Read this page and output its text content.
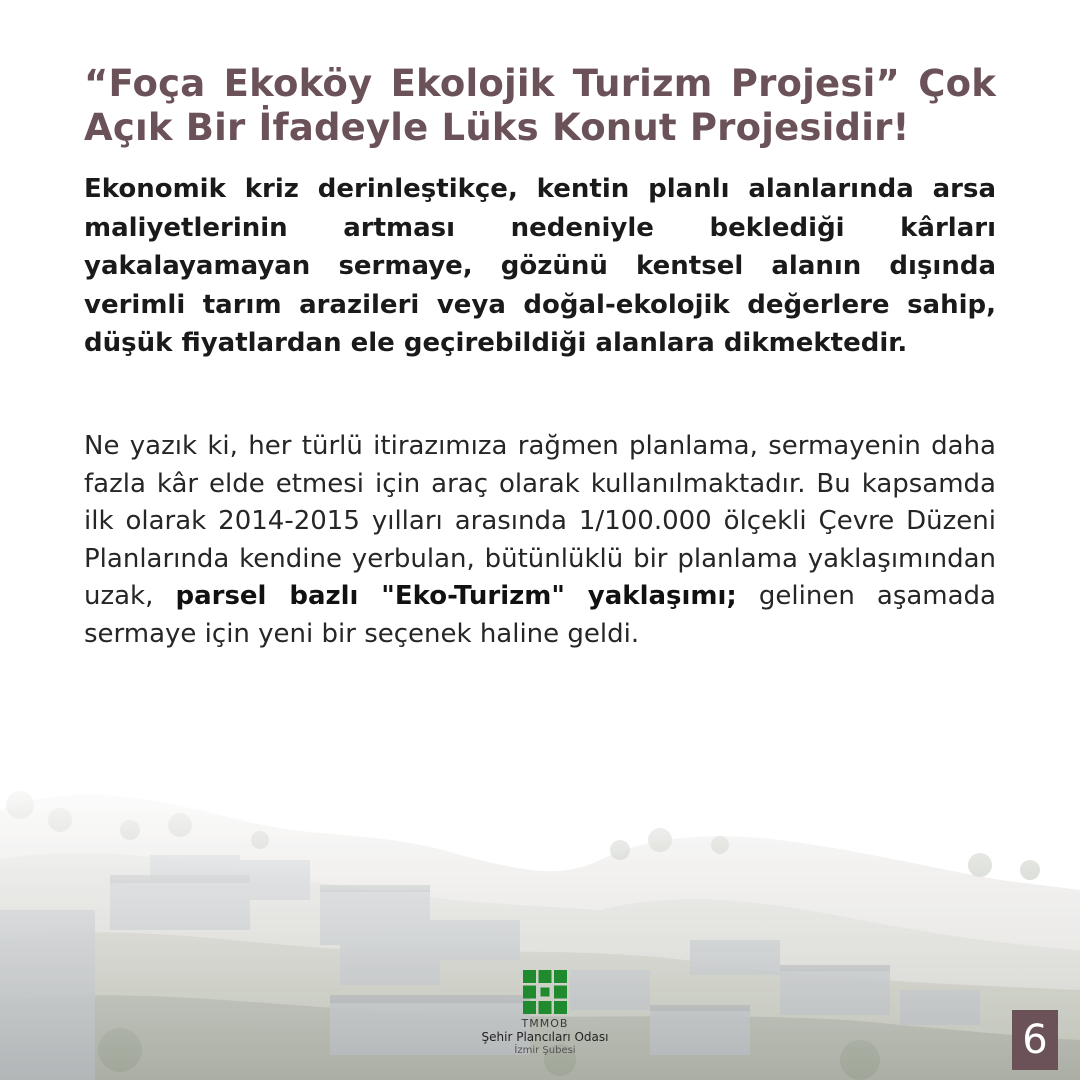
“Foça Ekoköy Ekolojik Turizm Projesi” Çok Açık Bir İfadeyle Lüks Konut Projesidir!

Ekonomik kriz derinleştikçe, kentin planlı alanlarında arsa maliyetlerinin artması nedeniyle beklediği kârları yakalayamayan sermaye, gözünü kentsel alanın dışında verimli tarım arazileri veya doğal-ekolojik değerlere sahip, düşük fiyatlardan ele geçirebildiği alanlara dikmektedir.

Ne yazık ki, her türlü itirazımıza rağmen planlama, sermayenin daha fazla kâr elde etmesi için araç olarak kullanılmaktadır. Bu kapsamda ilk olarak 2014-2015 yılları arasında 1/100.000 ölçekli Çevre Düzeni Planlarında kendine yerbulan, bütünlüklü bir planlama yaklaşımından uzak, parsel bazlı "Eko-Turizm" yaklaşımı; gelinen aşamada sermaye için yeni bir seçenek haline geldi.

TMMOB
Şehir Plancıları Odası
İzmir Şubesi	6
